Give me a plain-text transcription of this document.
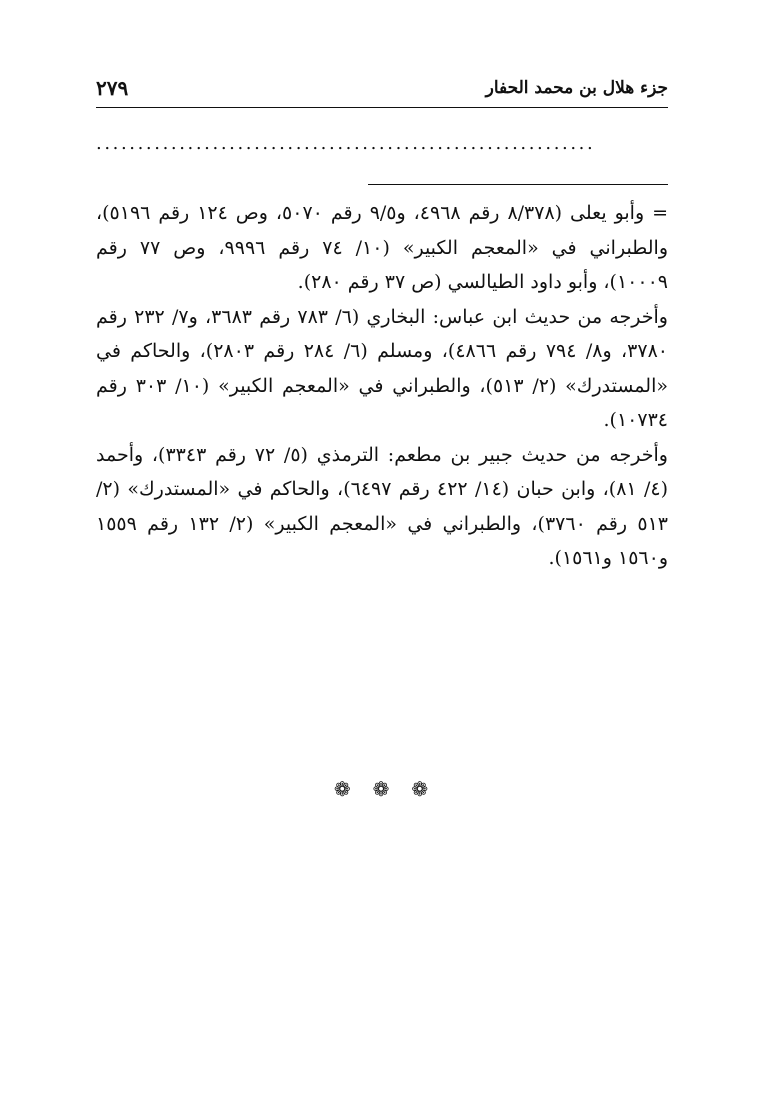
٢٧٩	جزء هلال بن محمد الحفار
............................................................

= وأبو يعلى (٨/٣٧٨ رقم ٤٩٦٨، و٩/٥ رقم ٥٠٧٠، وص ١٢٤ رقم ٥١٩٦)، والطبراني في «المعجم الكبير» (١٠/ ٧٤ رقم ٩٩٩٦، وص ٧٧ رقم ١٠٠٠٩)، وأبو داود الطيالسي (ص ٣٧ رقم ٢٨٠).

وأخرجه من حديث ابن عباس: البخاري (٦/ ٧٨٣ رقم ٣٦٨٣، و٧/ ٢٣٢ رقم ٣٧٨٠، و٨/ ٧٩٤ رقم ٤٨٦٦)، ومسلم (٦/ ٢٨٤ رقم ٢٨٠٣)، والحاكم في «المستدرك» (٢/ ٥١٣)، والطبراني في «المعجم الكبير» (١٠/ ٣٠٣ رقم ١٠٧٣٤).

وأخرجه من حديث جبير بن مطعم: الترمذي (٥/ ٧٢ رقم ٣٣٤٣)، وأحمد (٤/ ٨١)، وابن حبان (١٤/ ٤٢٢ رقم ٦٤٩٧)، والحاكم في «المستدرك» (٢/ ٥١٣ رقم ٣٧٦٠)، والطبراني في «المعجم الكبير» (٢/ ١٣٢ رقم ١٥٥٩ و١٥٦٠ و١٥٦١).

❁ ❁ ❁
